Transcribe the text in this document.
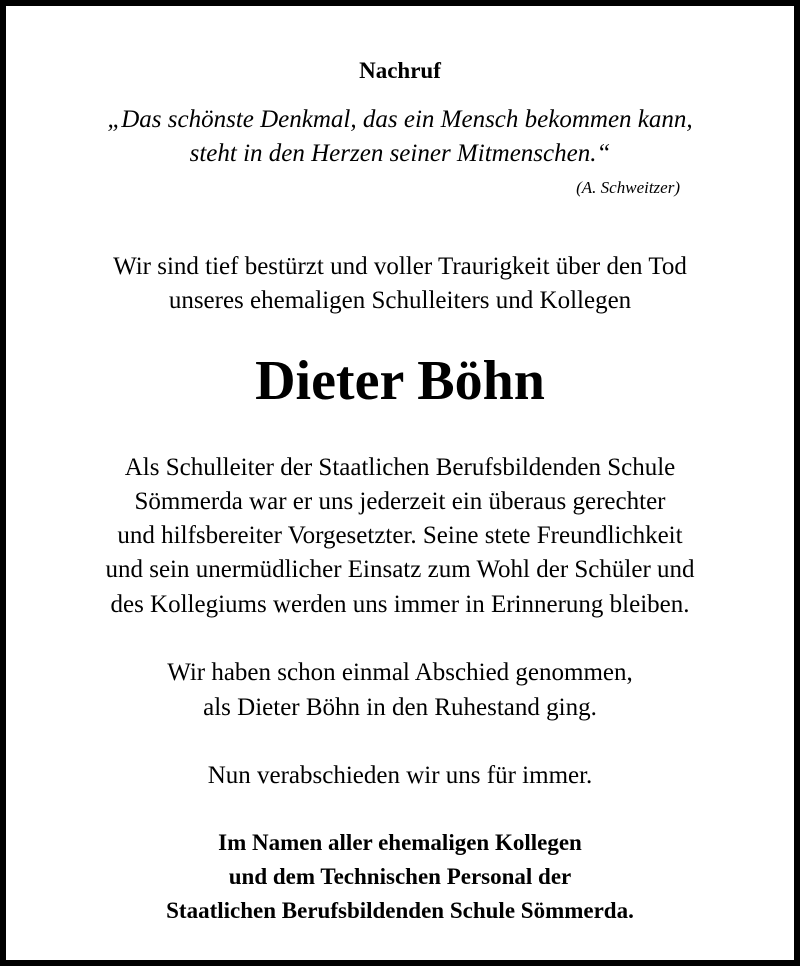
Nachruf
„Das schönste Denkmal, das ein Mensch bekommen kann,
steht in den Herzen seiner Mitmenschen.“
(A. Schweitzer)
Wir sind tief bestürzt und voller Traurigkeit über den Tod
unseres ehemaligen Schulleiters und Kollegen
Dieter Böhn
Als Schulleiter der Staatlichen Berufsbildenden Schule
Sömmerda war er uns jederzeit ein überaus gerechter
und hilfsbereiter Vorgesetzter. Seine stete Freundlichkeit
und sein unermüdlicher Einsatz zum Wohl der Schüler und
des Kollegiums werden uns immer in Erinnerung bleiben.
Wir haben schon einmal Abschied genommen,
als Dieter Böhn in den Ruhestand ging.
Nun verabschieden wir uns für immer.
Im Namen aller ehemaligen Kollegen
und dem Technischen Personal der
Staatlichen Berufsbildenden Schule Sömmerda.
